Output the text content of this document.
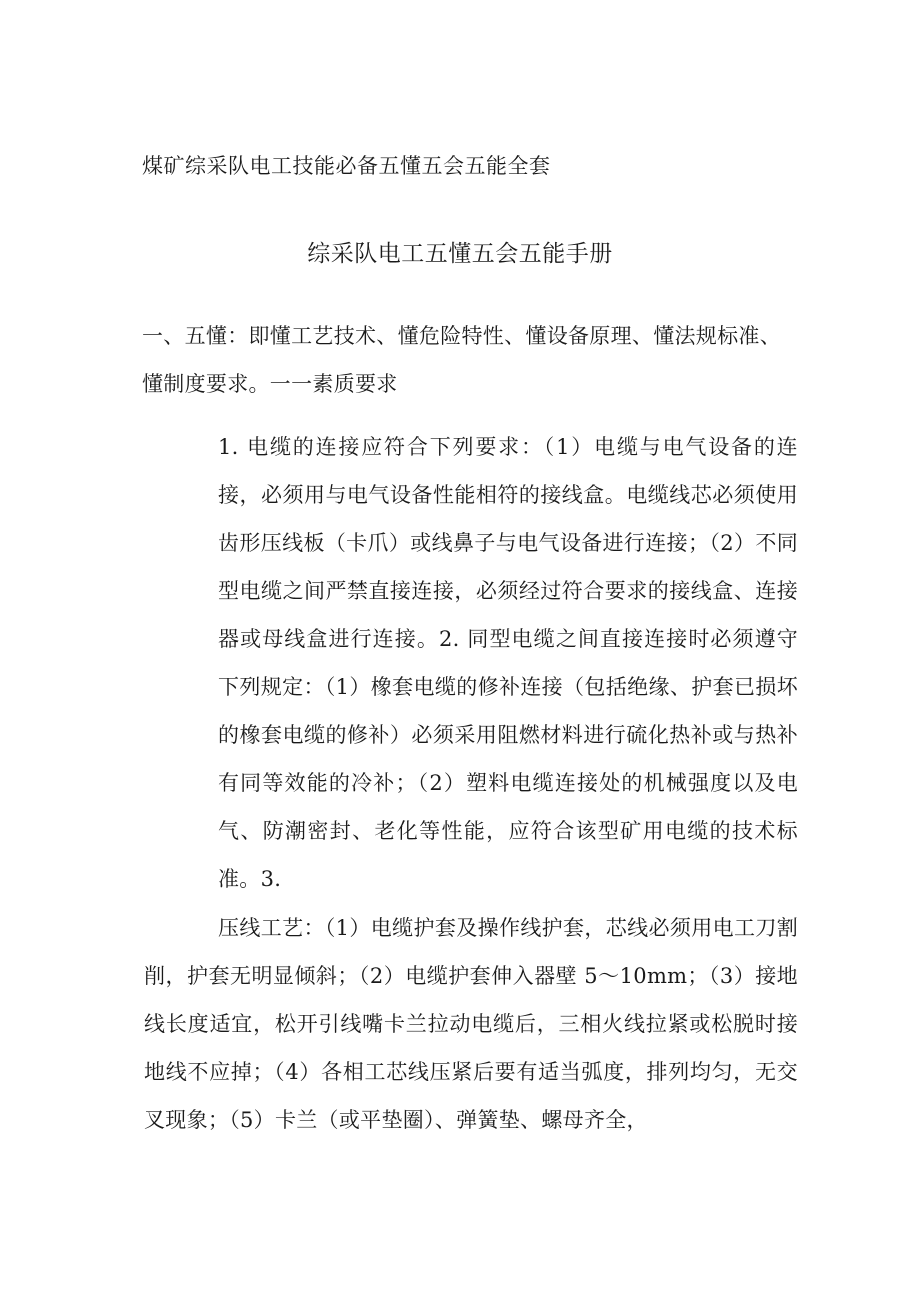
煤矿综采队电工技能必备五懂五会五能全套
综采队电工五懂五会五能手册

一、五懂：即懂工艺技术、懂危险特性、懂设备原理、懂法规标准、懂制度要求。一一素质要求

1. 电缆的连接应符合下列要求：（1）电缆与电气设备的连接，必须用与电气设备性能相符的接线盒。电缆线芯必须使用齿形压线板（卡爪）或线鼻子与电气设备进行连接；（2）不同型电缆之间严禁直接连接，必须经过符合要求的接线盒、连接器或母线盒进行连接。2. 同型电缆之间直接连接时必须遵守下列规定：（1）橡套电缆的修补连接（包括绝缘、护套已损坏的橡套电缆的修补）必须采用阻燃材料进行硫化热补或与热补有同等效能的冷补；（2）塑料电缆连接处的机械强度以及电气、防潮密封、老化等性能，应符合该型矿用电缆的技术标准。3.

压线工艺：（1）电缆护套及操作线护套，芯线必须用电工刀割削，护套无明显倾斜；（2）电缆护套伸入器壁 5～10mm；（3）接地线长度适宜，松开引线嘴卡兰拉动电缆后，三相火线拉紧或松脱时接地线不应掉；（4）各相工芯线压紧后要有适当弧度，排列均匀，无交叉现象；（5）卡兰（或平垫圈）、弹簧垫、螺母齐全，
